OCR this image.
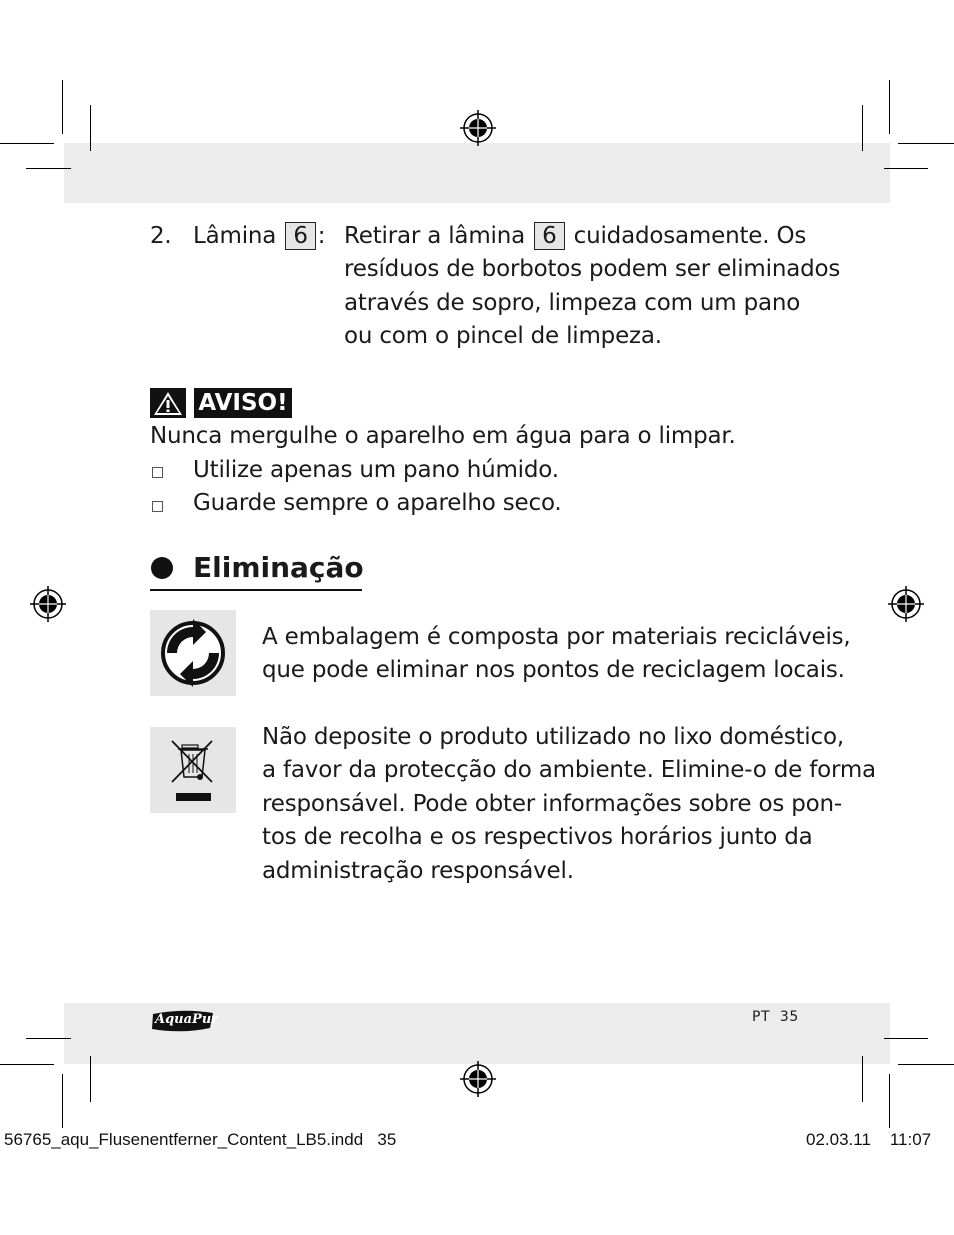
2. Lâmina 6 : Retirar a lâmina 6 cuidadosamente. Os
resíduos de borbotos podem ser eliminados
através de sopro, limpeza com um pano
ou com o pincel de limpeza.
AVISO!
Nunca mergulhe o aparelho em água para o limpar.
Utilize apenas um pano húmido.
Guarde sempre o aparelho seco.
Eliminação
A embalagem é composta por materiais recicláveis,
que pode eliminar nos pontos de reciclagem locais.
Não deposite o produto utilizado no lixo doméstico,
a favor da protecção do ambiente. Elimine-o de forma
responsável. Pode obter informações sobre os pon-
tos de recolha e os respectivos horários junto da
administração responsável.
AquaPur	PT 35
56765_aqu_Flusenentferner_Content_LB5.indd 35	02.03.11 11:07
